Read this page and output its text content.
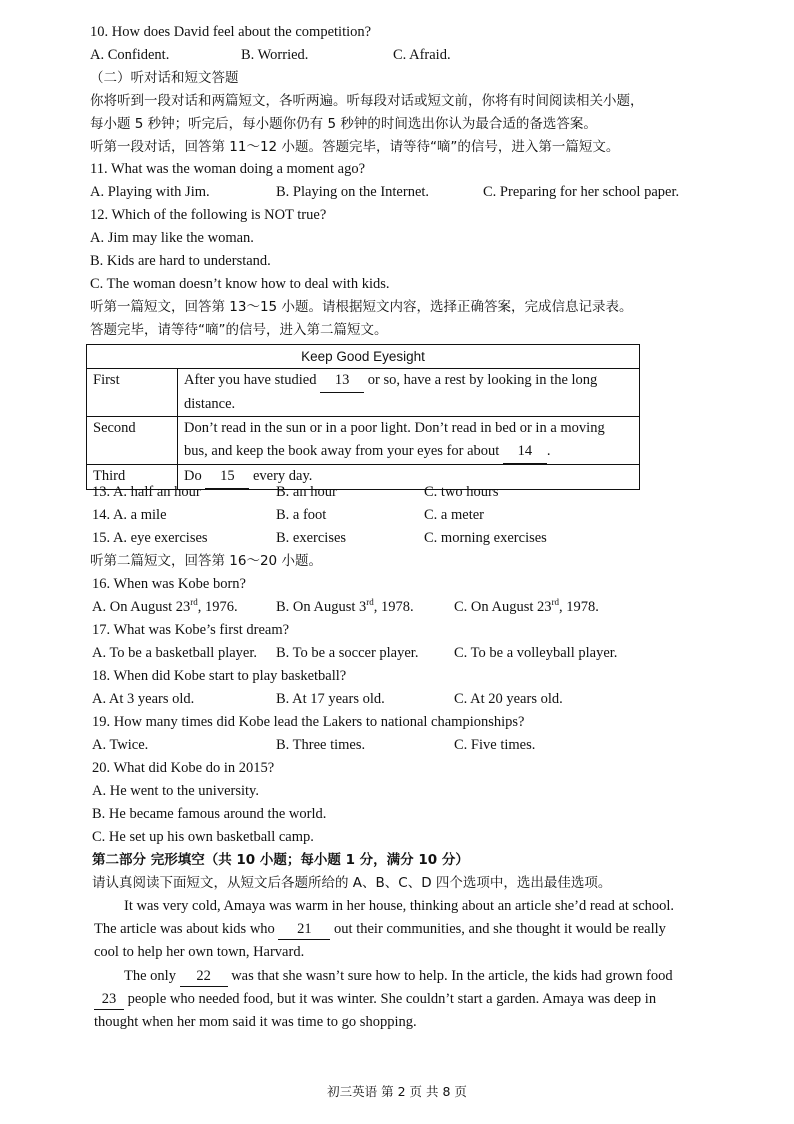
10. How does David feel about the competition?
A. Confident.	B. Worried.	C. Afraid.
（二）听对话和短文答题
你将听到一段对话和两篇短文，各听两遍。听每段对话或短文前，你将有时间阅读相关小题，
每小题 5 秒钟；听完后，每小题你仍有 5 秒钟的时间选出你认为最合适的备选答案。
听第一段对话，回答第 11～12 小题。答题完毕，请等待“嘀”的信号，进入第一篇短文。
11. What was the woman doing a moment ago?
A. Playing with Jim.	B. Playing on the Internet.	C. Preparing for her school paper.
12. Which of the following is NOT true?
A. Jim may like the woman.
B. Kids are hard to understand.
C. The woman doesn’t know how to deal with kids.
听第一篇短文，回答第 13～15 小题。请根据短文内容，选择正确答案，完成信息记录表。
答题完毕，请等待“嘀”的信号，进入第二篇短文。
Keep Good Eyesight	
First	After you have studied 13 or so, have a rest by looking in the long
distance.
Second	Don’t read in the sun or in a poor light. Don’t read in bed or in a moving
bus, and keep the book away from your eyes for about 14 .
Third	Do 15 every day.
13. A. half an hour	B. an hour	C. two hours
14. A. a mile	B. a foot	C. a meter
15. A. eye exercises	B. exercises	C. morning exercises
听第二篇短文，回答第 16～20 小题。
16. When was Kobe born?
A. On August 23rd, 1976.	B. On August 3rd, 1978.	C. On August 23rd, 1978.
17. What was Kobe’s first dream?
A. To be a basketball player. B. To be a soccer player. C. To be a volleyball player.
18. When did Kobe start to play basketball?
A. At 3 years old.	B. At 17 years old.	C. At 20 years old.
19. How many times did Kobe lead the Lakers to national championships?
A. Twice.	B. Three times.	C. Five times.
20. What did Kobe do in 2015?
A. He went to the university.
B. He became famous around the world.
C. He set up his own basketball camp.
第二部分 完形填空（共 10 小题；每小题 1 分，满分 10 分）
请认真阅读下面短文，从短文后各题所给的 A、B、C、D 四个选项中，选出最佳选项。
It was very cold, Amaya was warm in her house, thinking about an article she’d read at school.
The article was about kids who 21 out their communities, and she thought it would be really
cool to help her own town, Harvard.
The only 22 was that she wasn’t sure how to help. In the article, the kids had grown food
23 people who needed food, but it was winter. She couldn’t start a garden. Amaya was deep in
thought when her mom said it was time to go shopping.
初三英语 第 2 页 共 8 页
